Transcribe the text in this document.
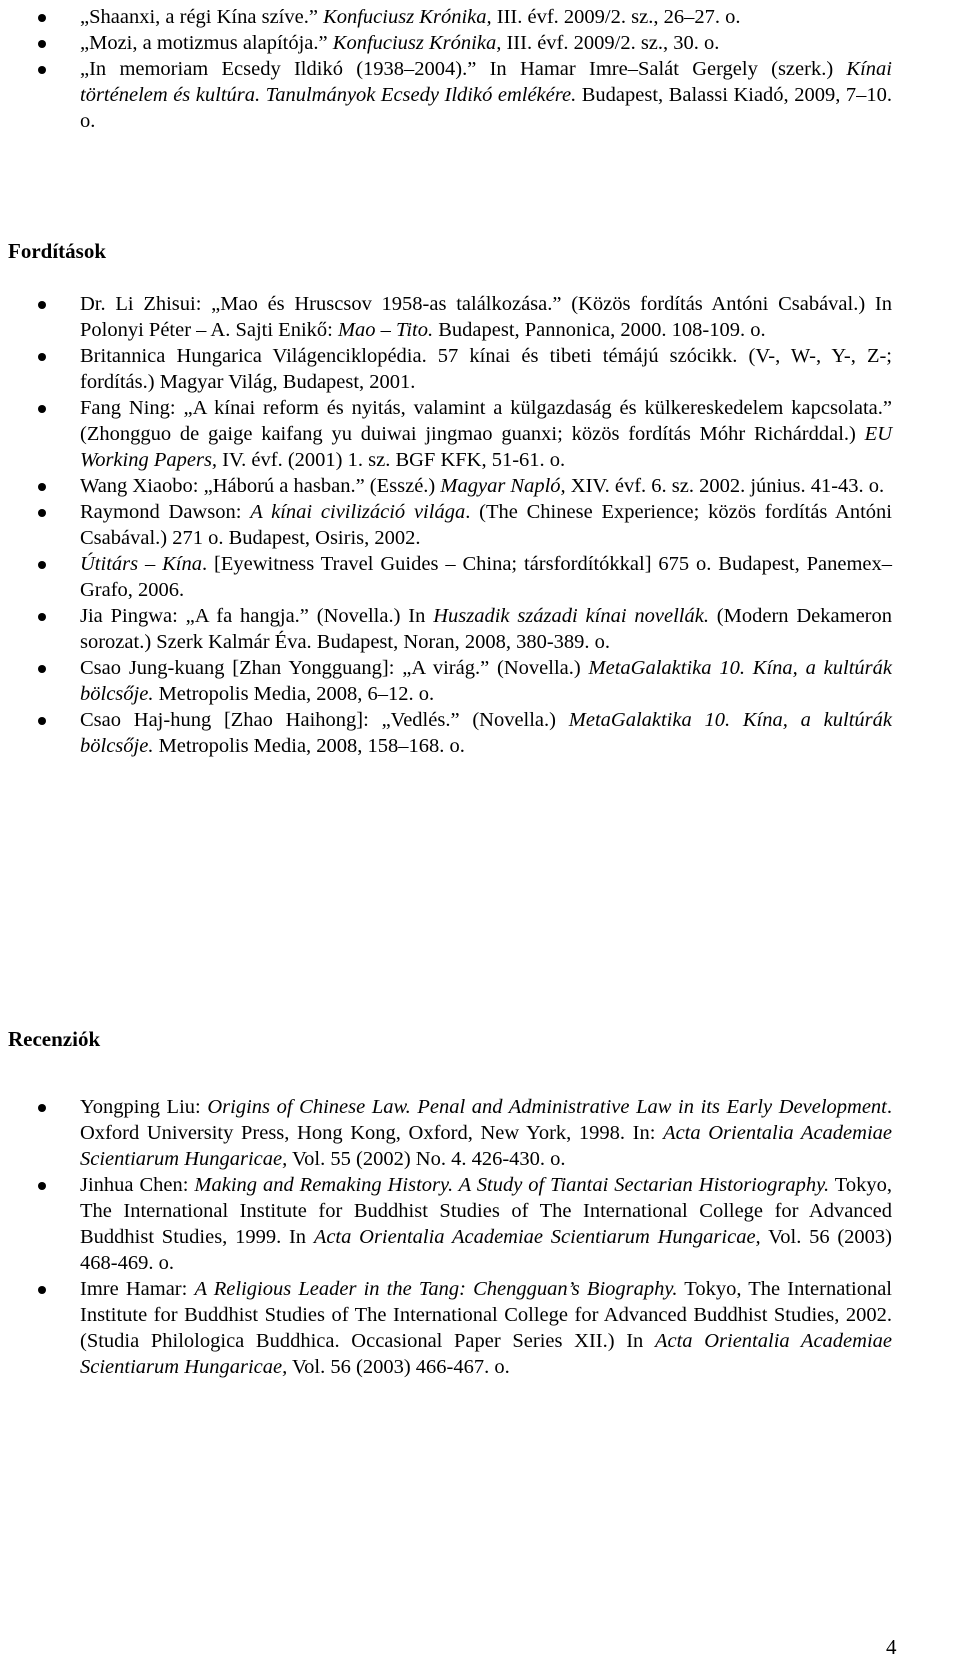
„Shaanxi, a régi Kína szíve.” Konfuciusz Krónika, III. évf. 2009/2. sz., 26–27. o.
„Mozi, a motizmus alapítója.” Konfuciusz Krónika, III. évf. 2009/2. sz., 30. o.
„In memoriam Ecsedy Ildikó (1938–2004).” In Hamar Imre–Salát Gergely (szerk.) Kínai történelem és kultúra. Tanulmányok Ecsedy Ildikó emlékére. Budapest, Balassi Kiadó, 2009, 7–10. o.
Fordítások
Dr. Li Zhisui: „Mao és Hruscsov 1958-as találkozása.” (Közös fordítás Antóni Csabával.) In Polonyi Péter – A. Sajti Enikő: Mao – Tito. Budapest, Pannonica, 2000. 108-109. o.
Britannica Hungarica Világenciklopédia. 57 kínai és tibeti témájú szócikk. (V-, W-, Y-, Z-; fordítás.) Magyar Világ, Budapest, 2001.
Fang Ning: „A kínai reform és nyitás, valamint a külgazdaság és külkereskedelem kapcsolata.” (Zhongguo de gaige kaifang yu duiwai jingmao guanxi; közös fordítás Móhr Richárddal.) EU Working Papers, IV. évf. (2001) 1. sz. BGF KFK, 51-61. o.
Wang Xiaobo: „Háború a hasban.” (Esszé.) Magyar Napló, XIV. évf. 6. sz. 2002. június. 41-43. o.
Raymond Dawson: A kínai civilizáció világa. (The Chinese Experience; közös fordítás Antóni Csabával.) 271 o. Budapest, Osiris, 2002.
Útitárs – Kína. [Eyewitness Travel Guides – China; társfordítókkal] 675 o. Budapest, Panemex–Grafo, 2006.
Jia Pingwa: „A fa hangja.” (Novella.) In Huszadik századi kínai novellák. (Modern Dekameron sorozat.) Szerk Kalmár Éva. Budapest, Noran, 2008, 380-389. o.
Csao Jung-kuang [Zhan Yongguang]: „A virág.” (Novella.) MetaGalaktika 10. Kína, a kultúrák bölcsője. Metropolis Media, 2008, 6–12. o.
Csao Haj-hung [Zhao Haihong]: „Vedlés.” (Novella.) MetaGalaktika 10. Kína, a kultúrák bölcsője. Metropolis Media, 2008, 158–168. o.
Recenziók
Yongping Liu: Origins of Chinese Law. Penal and Administrative Law in its Early Development. Oxford University Press, Hong Kong, Oxford, New York, 1998. In: Acta Orientalia Academiae Scientiarum Hungaricae, Vol. 55 (2002) No. 4. 426-430. o.
Jinhua Chen: Making and Remaking History. A Study of Tiantai Sectarian Historiography. Tokyo, The International Institute for Buddhist Studies of The International College for Advanced Buddhist Studies, 1999. In Acta Orientalia Academiae Scientiarum Hungaricae, Vol. 56 (2003) 468-469. o.
Imre Hamar: A Religious Leader in the Tang: Chengguan’s Biography. Tokyo, The International Institute for Buddhist Studies of The International College for Advanced Buddhist Studies, 2002. (Studia Philologica Buddhica. Occasional Paper Series XII.) In Acta Orientalia Academiae Scientiarum Hungaricae, Vol. 56 (2003) 466-467. o.
4
